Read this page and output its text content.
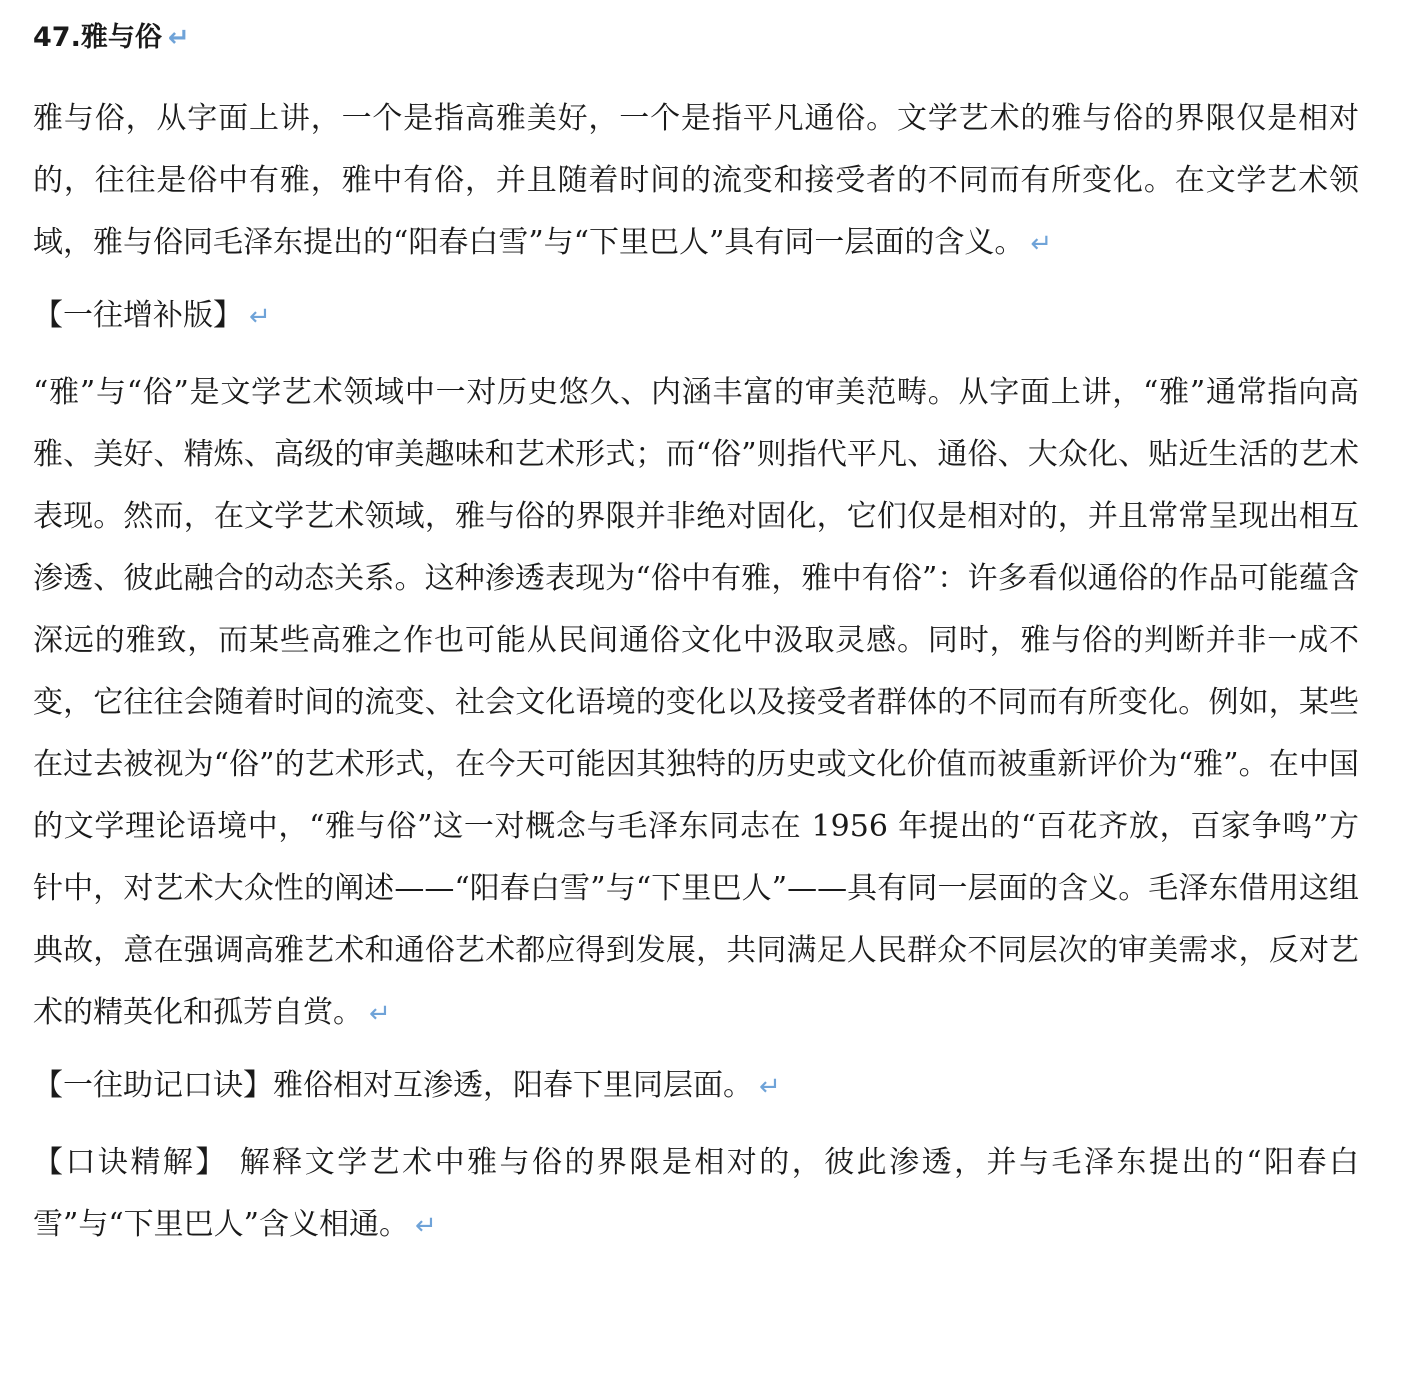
47.雅与俗 ↵

雅与俗，从字面上讲，一个是指高雅美好，一个是指平凡通俗。文学艺术的雅与俗的界限仅是相对的，往往是俗中有雅，雅中有俗，并且随着时间的流变和接受者的不同而有所变化。在文学艺术领域，雅与俗同毛泽东提出的“阳春白雪”与“下里巴人”具有同一层面的含义。 ↵

【一往增补版】 ↵

“雅”与“俗”是文学艺术领域中一对历史悠久、内涵丰富的审美范畴。从字面上讲，“雅”通常指向高雅、美好、精炼、高级的审美趣味和艺术形式；而“俗”则指代平凡、通俗、大众化、贴近生活的艺术表现。然而，在文学艺术领域，雅与俗的界限并非绝对固化，它们仅是相对的，并且常常呈现出相互渗透、彼此融合的动态关系。这种渗透表现为“俗中有雅，雅中有俗”：许多看似通俗的作品可能蕴含深远的雅致，而某些高雅之作也可能从民间通俗文化中汲取灵感。同时，雅与俗的判断并非一成不变，它往往会随着时间的流变、社会文化语境的变化以及接受者群体的不同而有所变化。例如，某些在过去被视为“俗”的艺术形式，在今天可能因其独特的历史或文化价值而被重新评价为“雅”。在中国的文学理论语境中，“雅与俗”这一对概念与毛泽东同志在 1956 年提出的“百花齐放，百家争鸣”方针中，对艺术大众性的阐述——“阳春白雪”与“下里巴人”——具有同一层面的含义。毛泽东借用这组典故，意在强调高雅艺术和通俗艺术都应得到发展，共同满足人民群众不同层次的审美需求，反对艺术的精英化和孤芳自赏。 ↵

【一往助记口诀】雅俗相对互渗透，阳春下里同层面。 ↵

【口诀精解】 解释文学艺术中雅与俗的界限是相对的，彼此渗透，并与毛泽东提出的“阳春白雪”与“下里巴人”含义相通。 ↵
